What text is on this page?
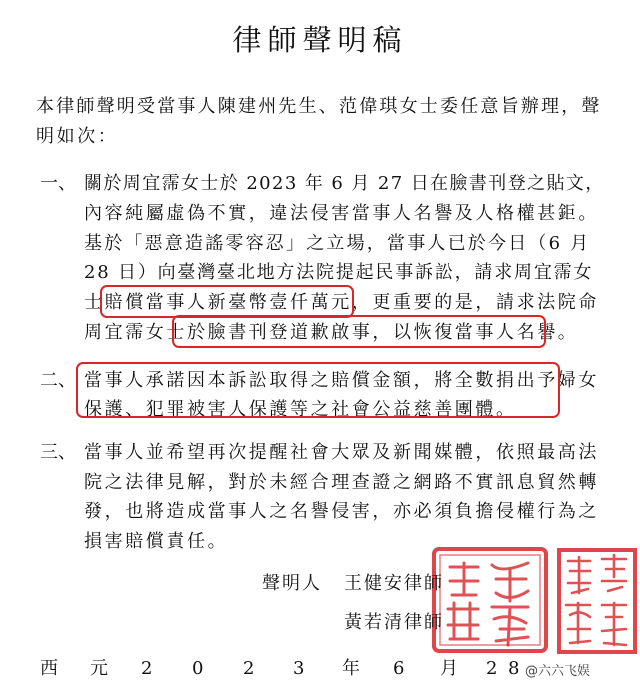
律師聲明稿
本律師聲明受當事人陳建州先生、范偉琪女士委任意旨辦理，聲
明如次：
一、 關於周宜霈女士於 2023 年 6 月 27 日在臉書刊登之貼文，
內容純屬虛偽不實，違法侵害當事人名譽及人格權甚鉅。
基於「惡意造謠零容忍」之立場，當事人已於今日（6 月
28 日）向臺灣臺北地方法院提起民事訴訟，請求周宜霈女
士賠償當事人新臺幣壹仟萬元，更重要的是，請求法院命
周宜霈女士於臉書刊登道歉啟事，以恢復當事人名譽。
二、 當事人承諾因本訴訟取得之賠償金額，將全數捐出予婦女
保護、犯罪被害人保護等之社會公益慈善團體。
三、 當事人並希望再次提醒社會大眾及新聞媒體，依照最高法
院之法律見解，對於未經合理查證之網路不實訊息貿然轉
發，也將造成當事人之名譽侵害，亦必須負擔侵權行為之
損害賠償責任。
聲明人 王健安律師
黃若清律師
西 元 2 0 2 3 年 6 月 2 8 @六六飞娱
